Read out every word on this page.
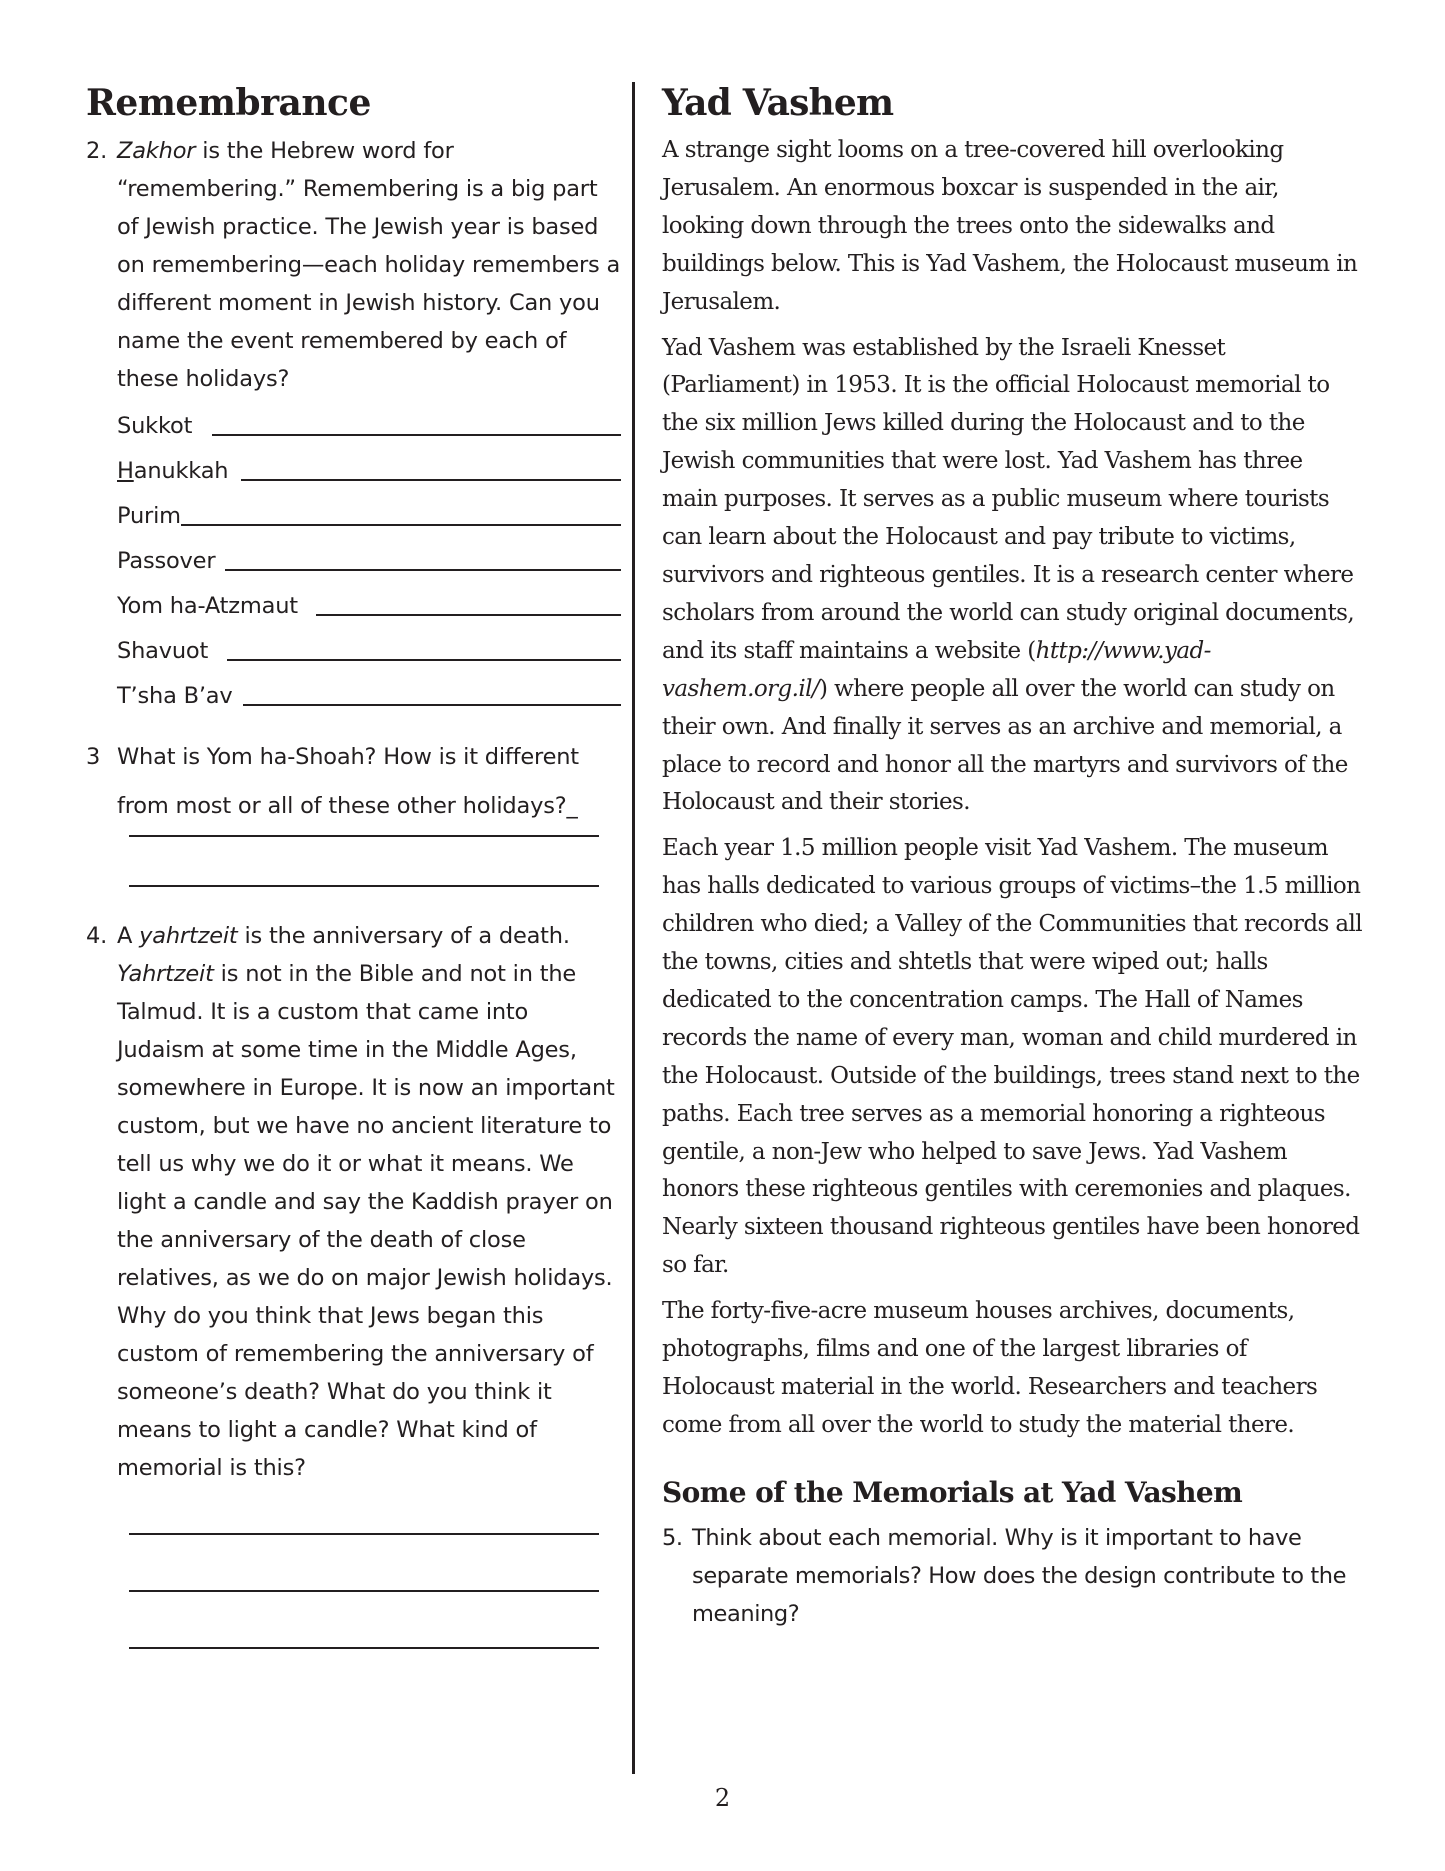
Remembrance
2. Zakhor is the Hebrew word for “remembering.” Remembering is a big part of Jewish practice. The Jewish year is based on remembering—each holiday remembers a different moment in Jewish history. Can you name the event remembered by each of these holidays?
Sukkot
Hanukkah
Purim
Passover
Yom ha-Atzmaut
Shavuot
T’sha B’av
3 What is Yom ha-Shoah? How is it different from most or all of these other holidays?_
4. A yahrtzeit is the anniversary of a death. Yahrtzeit is not in the Bible and not in the Talmud. It is a custom that came into Judaism at some time in the Middle Ages, somewhere in Europe. It is now an important custom, but we have no ancient literature to tell us why we do it or what it means. We light a candle and say the Kaddish prayer on the anniversary of the death of close relatives, as we do on major Jewish holidays. Why do you think that Jews began this custom of remembering the anniversary of someone’s death? What do you think it means to light a candle? What kind of memorial is this?
Yad Vashem

A strange sight looms on a tree-covered hill overlooking Jerusalem. An enormous boxcar is suspended in the air, looking down through the trees onto the sidewalks and buildings below. This is Yad Vashem, the Holocaust museum in Jerusalem.

Yad Vashem was established by the Israeli Knesset (Parliament) in 1953. It is the official Holocaust memorial to the six million Jews killed during the Holocaust and to the Jewish communities that were lost. Yad Vashem has three main purposes. It serves as a public museum where tourists can learn about the Holocaust and pay tribute to victims, survivors and righteous gentiles. It is a research center where scholars from around the world can study original documents, and its staff maintains a website (http://www.yad-vashem.org.il/) where people all over the world can study on their own. And finally it serves as an archive and memorial, a place to record and honor all the martyrs and survivors of the Holocaust and their stories.

Each year 1.5 million people visit Yad Vashem. The museum has halls dedicated to various groups of victims–the 1.5 million children who died; a Valley of the Communities that records all the towns, cities and shtetls that were wiped out; halls dedicated to the concentration camps. The Hall of Names records the name of every man, woman and child murdered in the Holocaust. Outside of the buildings, trees stand next to the paths. Each tree serves as a memorial honoring a righteous gentile, a non-Jew who helped to save Jews. Yad Vashem honors these righteous gentiles with ceremonies and plaques. Nearly sixteen thousand righteous gentiles have been honored so far.

The forty-five-acre museum houses archives, documents, photographs, films and one of the largest libraries of Holocaust material in the world. Researchers and teachers come from all over the world to study the material there.

Some of the Memorials at Yad Vashem
5. Think about each memorial. Why is it important to have separate memorials? How does the design contribute to the meaning?
2
